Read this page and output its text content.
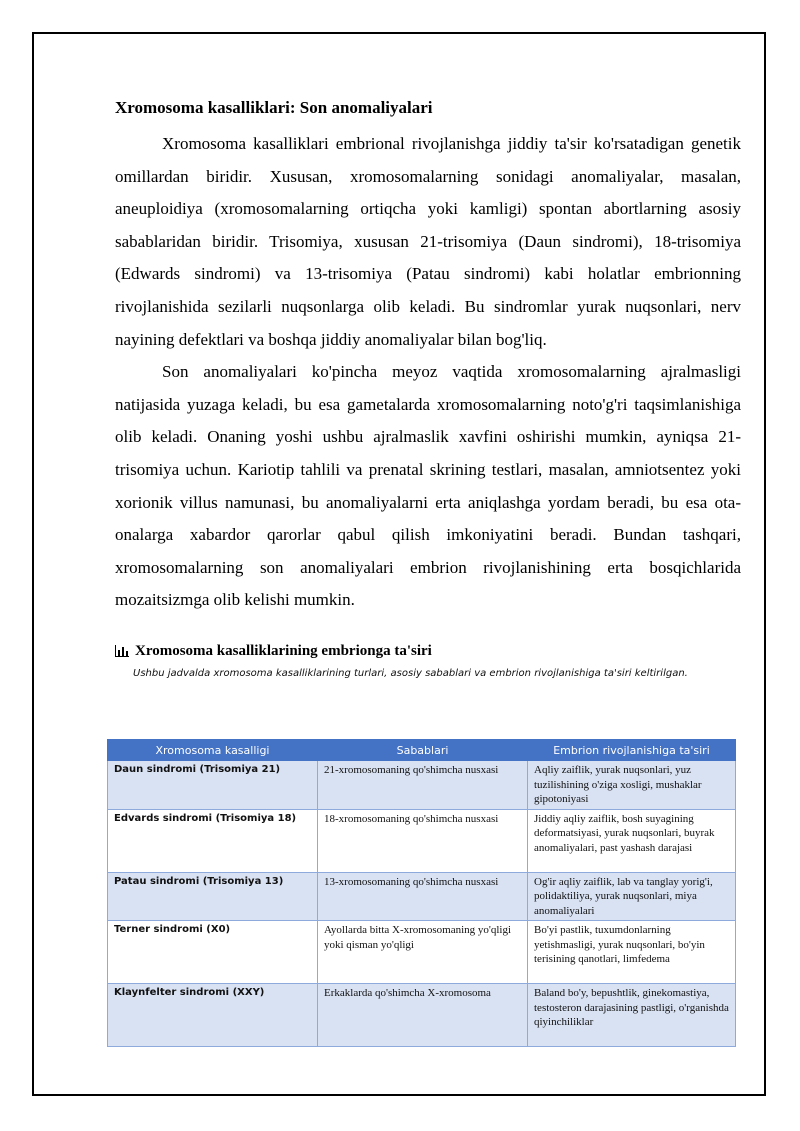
Xromosoma kasalliklari: Son anomaliyalari

Xromosoma kasalliklari embrional rivojlanishga jiddiy ta'sir ko'rsatadigan genetik omillardan biridir. Xususan, xromosomalarning sonidagi anomaliyalar, masalan, aneuploidiya (xromosomalarning ortiqcha yoki kamligi) spontan abortlarning asosiy sabablaridan biridir. Trisomiya, xususan 21-trisomiya (Daun sindromi), 18-trisomiya (Edwards sindromi) va 13-trisomiya (Patau sindromi) kabi holatlar embrionning rivojlanishida sezilarli nuqsonlarga olib keladi. Bu sindromlar yurak nuqsonlari, nerv nayining defektlari va boshqa jiddiy anomaliyalar bilan bog'liq.

Son anomaliyalari ko'pincha meyoz vaqtida xromosomalarning ajralmasligi natijasida yuzaga keladi, bu esa gametalarda xromosomalarning noto'g'ri taqsimlanishiga olib keladi. Onaning yoshi ushbu ajralmaslik xavfini oshirishi mumkin, ayniqsa 21-trisomiya uchun. Kariotip tahlili va prenatal skrining testlari, masalan, amniotsentez yoki xorionik villus namunasi, bu anomaliyalarni erta aniqlashga yordam beradi, bu esa ota-onalarga xabardor qarorlar qabul qilish imkoniyatini beradi. Bundan tashqari, xromosomalarning son anomaliyalari embrion rivojlanishining erta bosqichlarida mozaitsizmga olib kelishi mumkin.

Xromosoma kasalliklarining embrionga ta'siri
Ushbu jadvalda xromosoma kasalliklarining turlari, asosiy sabablari va embrion rivojlanishiga ta'siri keltirilgan.
Xromosoma kasalligi	Sabablari	Embrion rivojlanishiga ta'siri
Daun sindromi (Trisomiya 21)	21-xromosomaning qo'shimcha nusxasi	Aqliy zaiflik, yurak nuqsonlari, yuz tuzilishining o'ziga xosligi, mushaklar gipotoniyasi
Edvards sindromi (Trisomiya 18)	18-xromosomaning qo'shimcha nusxasi	Jiddiy aqliy zaiflik, bosh suyagining deformatsiyasi, yurak nuqsonlari, buyrak anomaliyalari, past yashash darajasi
Patau sindromi (Trisomiya 13)	13-xromosomaning qo'shimcha nusxasi	Og'ir aqliy zaiflik, lab va tanglay yorig'i, polidaktiliya, yurak nuqsonlari, miya anomaliyalari
Terner sindromi (X0)	Ayollarda bitta X-xromosomaning yo'qligi yoki qisman yo'qligi	Bo'yi pastlik, tuxumdonlarning yetishmasligi, yurak nuqsonlari, bo'yin terisining qanotlari, limfedema
Klaynfelter sindromi (XXY)	Erkaklarda qo'shimcha X-xromosoma	Baland bo'y, bepushtlik, ginekomastiya, testosteron darajasining pastligi, o'rganishda qiyinchiliklar
